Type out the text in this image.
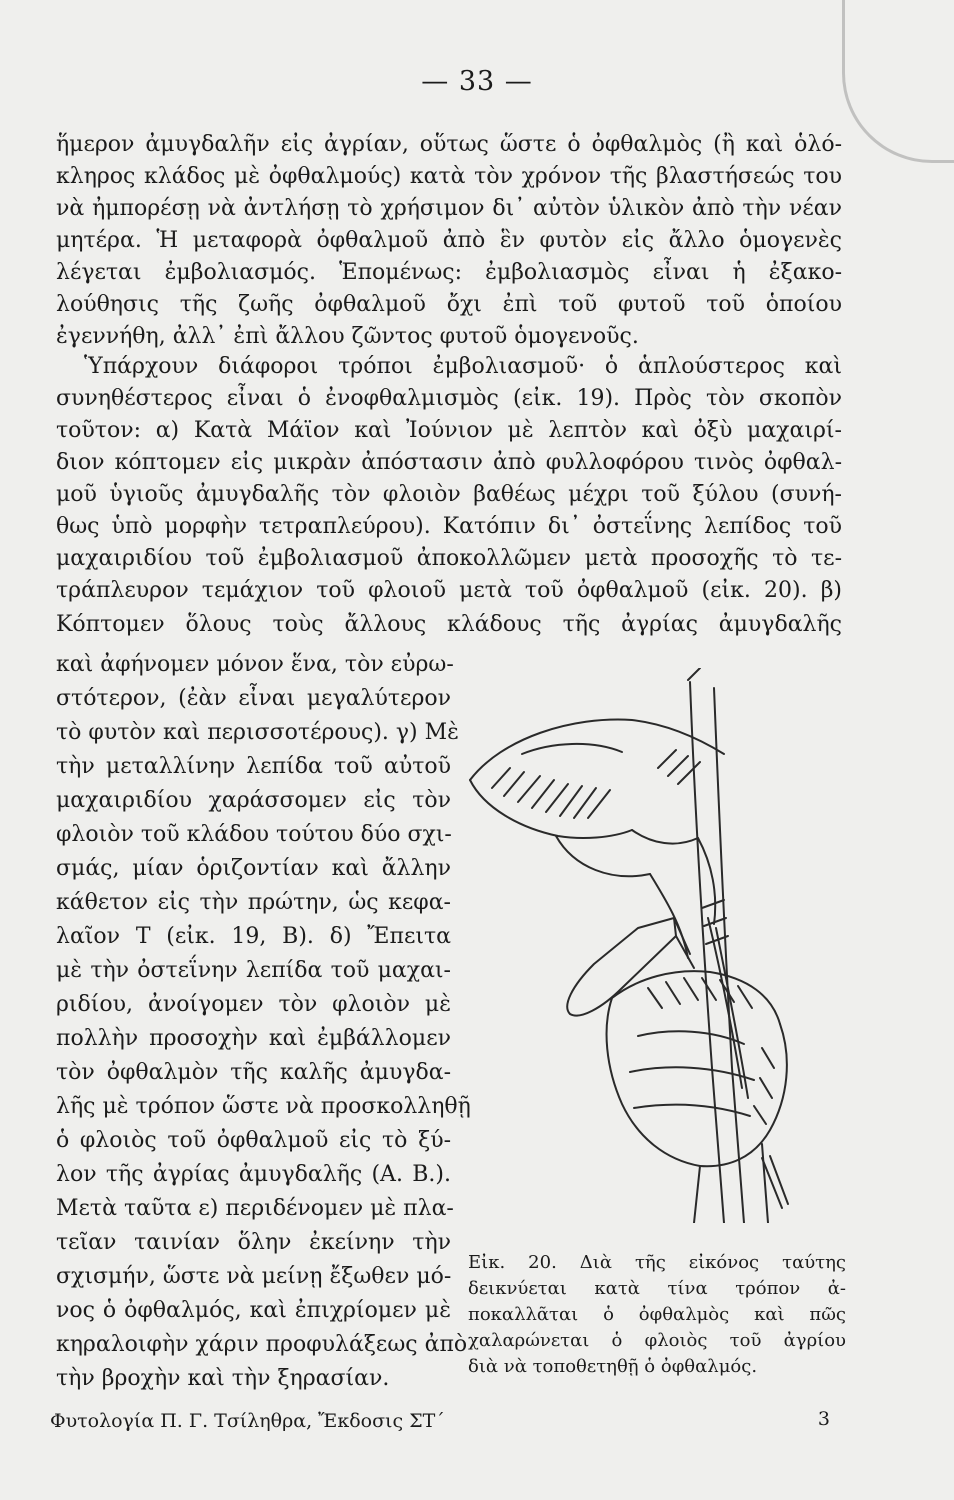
— 33 —
ἥμερον ἀμυγδαλῆν εἰς ἀγρίαν, οὕτως ὥστε ὁ ὀφθαλμὸς (ἢ καὶ ὁλό-
κληρος κλάδος μὲ ὀφθαλμούς) κατὰ τὸν χρόνον τῆς βλαστήσεώς του
νὰ ἠμπορέσῃ νὰ ἀντλήσῃ τὸ χρήσιμον δι᾿ αὐτὸν ὑλικὸν ἀπὸ τὴν νέαν
μητέρα. Ἡ μεταφορὰ ὀφθαλμοῦ ἀπὸ ἓν φυτὸν εἰς ἄλλο ὁμογενὲς
λέγεται ἐμβολιασμός. Ἑπομένως: ἐμβολιασμὸς εἶναι ἡ ἐξακο-
λούθησις τῆς ζωῆς ὀφθαλμοῦ ὄχι ἐπὶ τοῦ φυτοῦ τοῦ ὁποίου
ἐγεννήθη, ἀλλ᾿ ἐπὶ ἄλλου ζῶντος φυτοῦ ὁμογενοῦς.
Ὑπάρχουν διάφοροι τρόποι ἐμβολιασμοῦ· ὁ ἁπλούστερος καὶ
συνηθέστερος εἶναι ὁ ἐνοφθαλμισμὸς (εἰκ. 19). Πρὸς τὸν σκοπὸν
τοῦτον: α) Κατὰ Μάϊον καὶ Ἰούνιον μὲ λεπτὸν καὶ ὀξὺ μαχαιρί-
διον κόπτομεν εἰς μικρὰν ἀπόστασιν ἀπὸ φυλλοφόρου τινὸς ὀφθαλ-
μοῦ ὑγιοῦς ἀμυγδαλῆς τὸν φλοιὸν βαθέως μέχρι τοῦ ξύλου (συνή-
θως ὑπὸ μορφὴν τετραπλεύρου). Κατόπιν δι᾿ ὀστεΐνης λεπίδος τοῦ
μαχαιριδίου τοῦ ἐμβολιασμοῦ ἀποκολλῶμεν μετὰ προσοχῆς τὸ τε-
τράπλευρον τεμάχιον τοῦ φλοιοῦ μετὰ τοῦ ὀφθαλμοῦ (εἰκ. 20). β)
Κόπτομεν ὅλους τοὺς ἄλλους κλάδους τῆς ἀγρίας ἀμυγδαλῆς
καὶ ἀφήνομεν μόνον ἕνα, τὸν εὐρω-
στότερον, (ἐὰν εἶναι μεγαλύτερον
τὸ φυτὸν καὶ περισσοτέρους). γ) Μὲ
τὴν μεταλλίνην λεπίδα τοῦ αὐτοῦ
μαχαιριδίου χαράσσομεν εἰς τὸν
φλοιὸν τοῦ κλάδου τούτου δύο σχι-
σμάς, μίαν ὁριζοντίαν καὶ ἄλλην
κάθετον εἰς τὴν πρώτην, ὡς κεφα-
λαῖον Τ (εἰκ. 19, Β). δ) Ἔπειτα
μὲ τὴν ὀστεΐνην λεπίδα τοῦ μαχαι-
ριδίου, ἀνοίγομεν τὸν φλοιὸν μὲ
πολλὴν προσοχὴν καὶ ἐμβάλλομεν
τὸν ὀφθαλμὸν τῆς καλῆς ἀμυγδα-
λῆς μὲ τρόπον ὥστε νὰ προσκολληθῇ
ὁ φλοιὸς τοῦ ὀφθαλμοῦ εἰς τὸ ξύ-
λον τῆς ἀγρίας ἀμυγδαλῆς (Α. Β.).
Μετὰ ταῦτα ε) περιδένομεν μὲ πλα-
τεῖαν ταινίαν ὅλην ἐκείνην τὴν
σχισμήν, ὥστε νὰ μείνῃ ἔξωθεν μό-
νος ὁ ὀφθαλμός, καὶ ἐπιχρίομεν μὲ
κηραλοιφὴν χάριν προφυλάξεως ἀπὸ
τὴν βροχὴν καὶ τὴν ξηρασίαν.
Εἰκ. 20. Διὰ τῆς εἰκόνος ταύτης
δεικνύεται κατὰ τίνα τρόπον ἀ-
ποκαλλᾶται ὁ ὀφθαλμὸς καὶ πῶς
χαλαρώνεται ὁ φλοιὸς τοῦ ἀγρίου
διὰ νὰ τοποθετηθῇ ὁ ὀφθαλμός.
Φυτολογία Π. Γ. Τσίληθρα, Ἔκδοσις ΣΤ΄	3
